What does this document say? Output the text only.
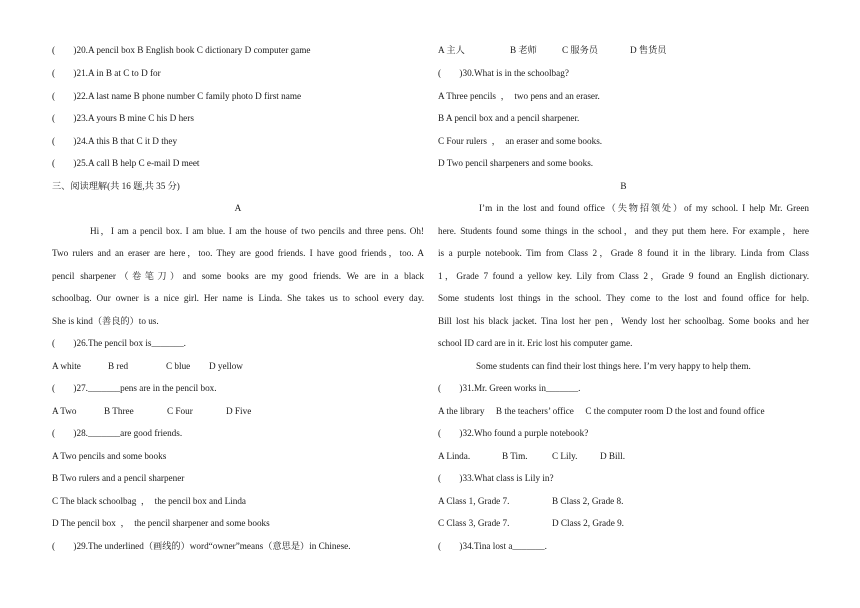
(        )20.A pencil box B English book C dictionary D computer game
(        )21.A in B at C to D for
(        )22.A last name B phone number C family photo D first name
(        )23.A yours B mine C his D hers
(        )24.A this B that C it D they
(        )25.A call B help C e-mail D meet
三、阅读理解(共 16 题,共 35 分)
A
Hi，I am a pencil box. I am blue. I am the house of two pencils and three pens. Oh!
Two rulers and an eraser are here，too. They are good friends. I have good friends，too. A
pencil sharpener（卷笔刀）and some books are my good friends. We are in a black
schoolbag. Our owner is a nice girl. Her name is Linda. She takes us to school every day.
She is kind（善良的）to us.
(        )26.The pencil box is_______.

A white

	B red

	C blue

D yellow

(        )27._______pens are in the pencil box.

A Two

	B Three

	C Four

	D Five

(        )28._______are good friends.
A Two pencils and some books
B Two rulers and a pencil sharpener
C The black schoolbag  ，  the pencil box and Linda
D The pencil box  ，  the pencil sharpener and some books
(        )29.The underlined（画线的）word“owner”means（意思是）in Chinese.

A 主人

	B 老师

	C 服务员

	D 售货员

(        )30.What is in the schoolbag?
A Three pencils  ，  two pens and an eraser.
B A pencil box and a pencil sharpener.
C Four rulers  ，  an eraser and some books.
D Two pencil sharpeners and some books.
B
I’m in the lost and found office（失物招领处）of my school. I help Mr. Green
here. Students found some things in the school，and they put them here. For example，here
is a purple notebook. Tim from Class 2，Grade 8 found it in the library. Linda from Class
1，Grade 7 found a yellow key. Lily from Class 2，Grade 9 found an English dictionary.
Some students lost things in the school. They come to the lost and found office for help.
Bill lost his black jacket. Tina lost her pen，Wendy lost her schoolbag. Some books and her
school ID card are in it. Eric lost his computer game.
Some students can find their lost things here. I’m very happy to help them.
(        )31.Mr. Green works in_______.
A the library     B the teachers’ office     C the computer room D the lost and found office
(        )32.Who found a purple notebook?

A Linda.

	B Tim.

	C Lily.

D Bill.

(        )33.What class is Lily in?

A Class 1, Grade 7.

	B Class 2, Grade 8.

C Class 3, Grade 7.

	D Class 2, Grade 9.

(        )34.Tina lost a_______.
